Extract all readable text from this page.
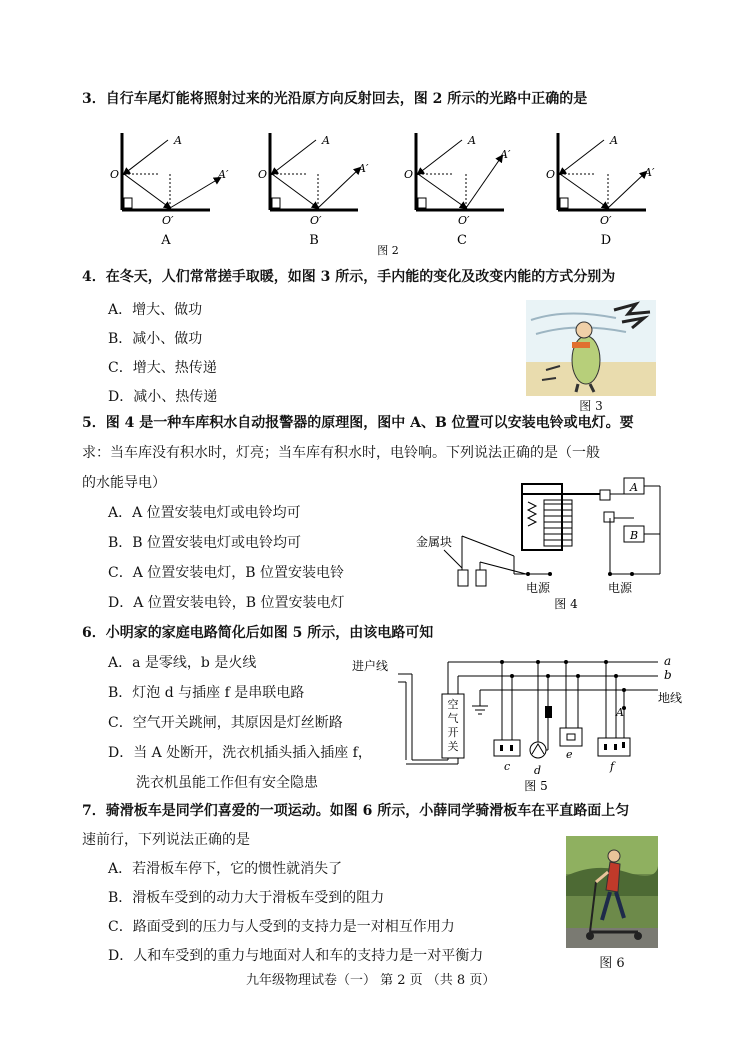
3．自行车尾灯能将照射过来的光沿原方向反射回去，图 2 所示的光路中正确的是
A
O
O′
A′
A
O
O′
A′
A
O
O′
A′
A
O
O′
A′
A	B	C	D
图 2
4．在冬天，人们常常搓手取暖，如图 3 所示，手内能的变化及改变内能的方式分别为
A．增大、做功
B．减小、做功
C．增大、热传递
D．减小、热传递
图 3
5．图 4 是一种车库积水自动报警器的原理图，图中 A、B 位置可以安装电铃或电灯。要
求：当车库没有积水时，灯亮；当车库有积水时，电铃响。下列说法正确的是（一般
的水能导电）
A．A 位置安装电灯或电铃均可
B．B 位置安装电灯或电铃均可
C．A 位置安装电灯，B 位置安装电铃
D．A 位置安装电铃，B 位置安装电灯
A
B
金属块
电源	电源
图 4
6．小明家的家庭电路简化后如图 5 所示，由该电路可知
A．a 是零线，b 是火线
B．灯泡 d 与插座 f 是串联电路
C．空气开关跳闸，其原因是灯丝断路
D．当 A 处断开，洗衣机插头插入插座 f，
洗衣机虽能工作但有安全隐患
进户线
空
气
开
关
a
b
地线
c d
e
A
f
图 5
7．骑滑板车是同学们喜爱的一项运动。如图 6 所示，小薛同学骑滑板车在平直路面上匀
速前行，下列说法正确的是
A．若滑板车停下，它的惯性就消失了
B．滑板车受到的动力大于滑板车受到的阻力
C．路面受到的压力与人受到的支持力是一对相互作用力
D．人和车受到的重力与地面对人和车的支持力是一对平衡力	图 6
九年级物理试卷（一） 第 2 页 （共 8 页）
